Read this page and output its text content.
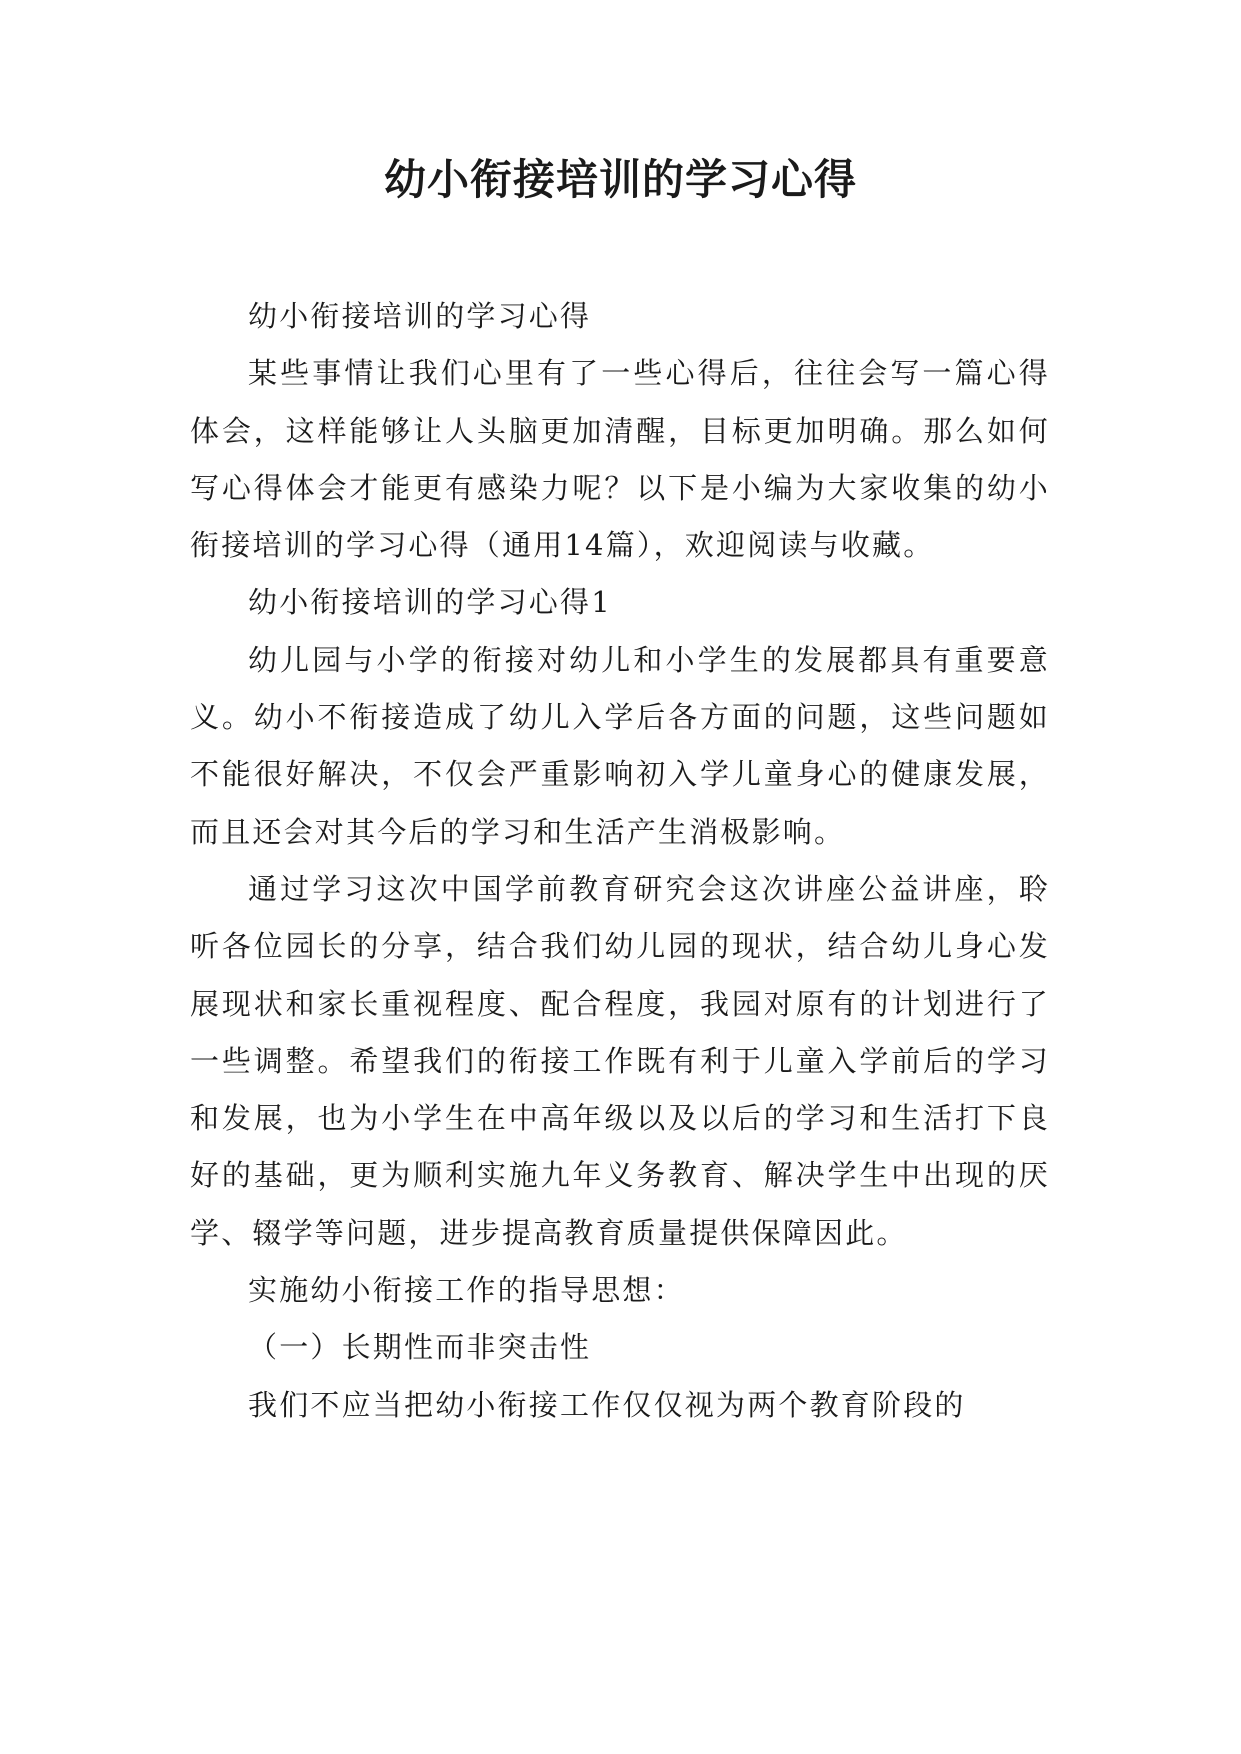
幼小衔接培训的学习心得

幼小衔接培训的学习心得

某些事情让我们心里有了一些心得后，往往会写一篇心得体会，这样能够让人头脑更加清醒，目标更加明确。那么如何写心得体会才能更有感染力呢？以下是小编为大家收集的幼小衔接培训的学习心得（通用14篇），欢迎阅读与收藏。

幼小衔接培训的学习心得1

幼儿园与小学的衔接对幼儿和小学生的发展都具有重要意义。幼小不衔接造成了幼儿入学后各方面的问题，这些问题如不能很好解决，不仅会严重影响初入学儿童身心的健康发展，而且还会对其今后的学习和生活产生消极影响。

通过学习这次中国学前教育研究会这次讲座公益讲座，聆听各位园长的分享，结合我们幼儿园的现状，结合幼儿身心发展现状和家长重视程度、配合程度，我园对原有的计划进行了一些调整。希望我们的衔接工作既有利于儿童入学前后的学习和发展，也为小学生在中高年级以及以后的学习和生活打下良好的基础，更为顺利实施九年义务教育、解决学生中出现的厌学、辍学等问题，进步提高教育质量提供保障因此。

实施幼小衔接工作的指导思想：

（一）长期性而非突击性

我们不应当把幼小衔接工作仅仅视为两个教育阶段的
